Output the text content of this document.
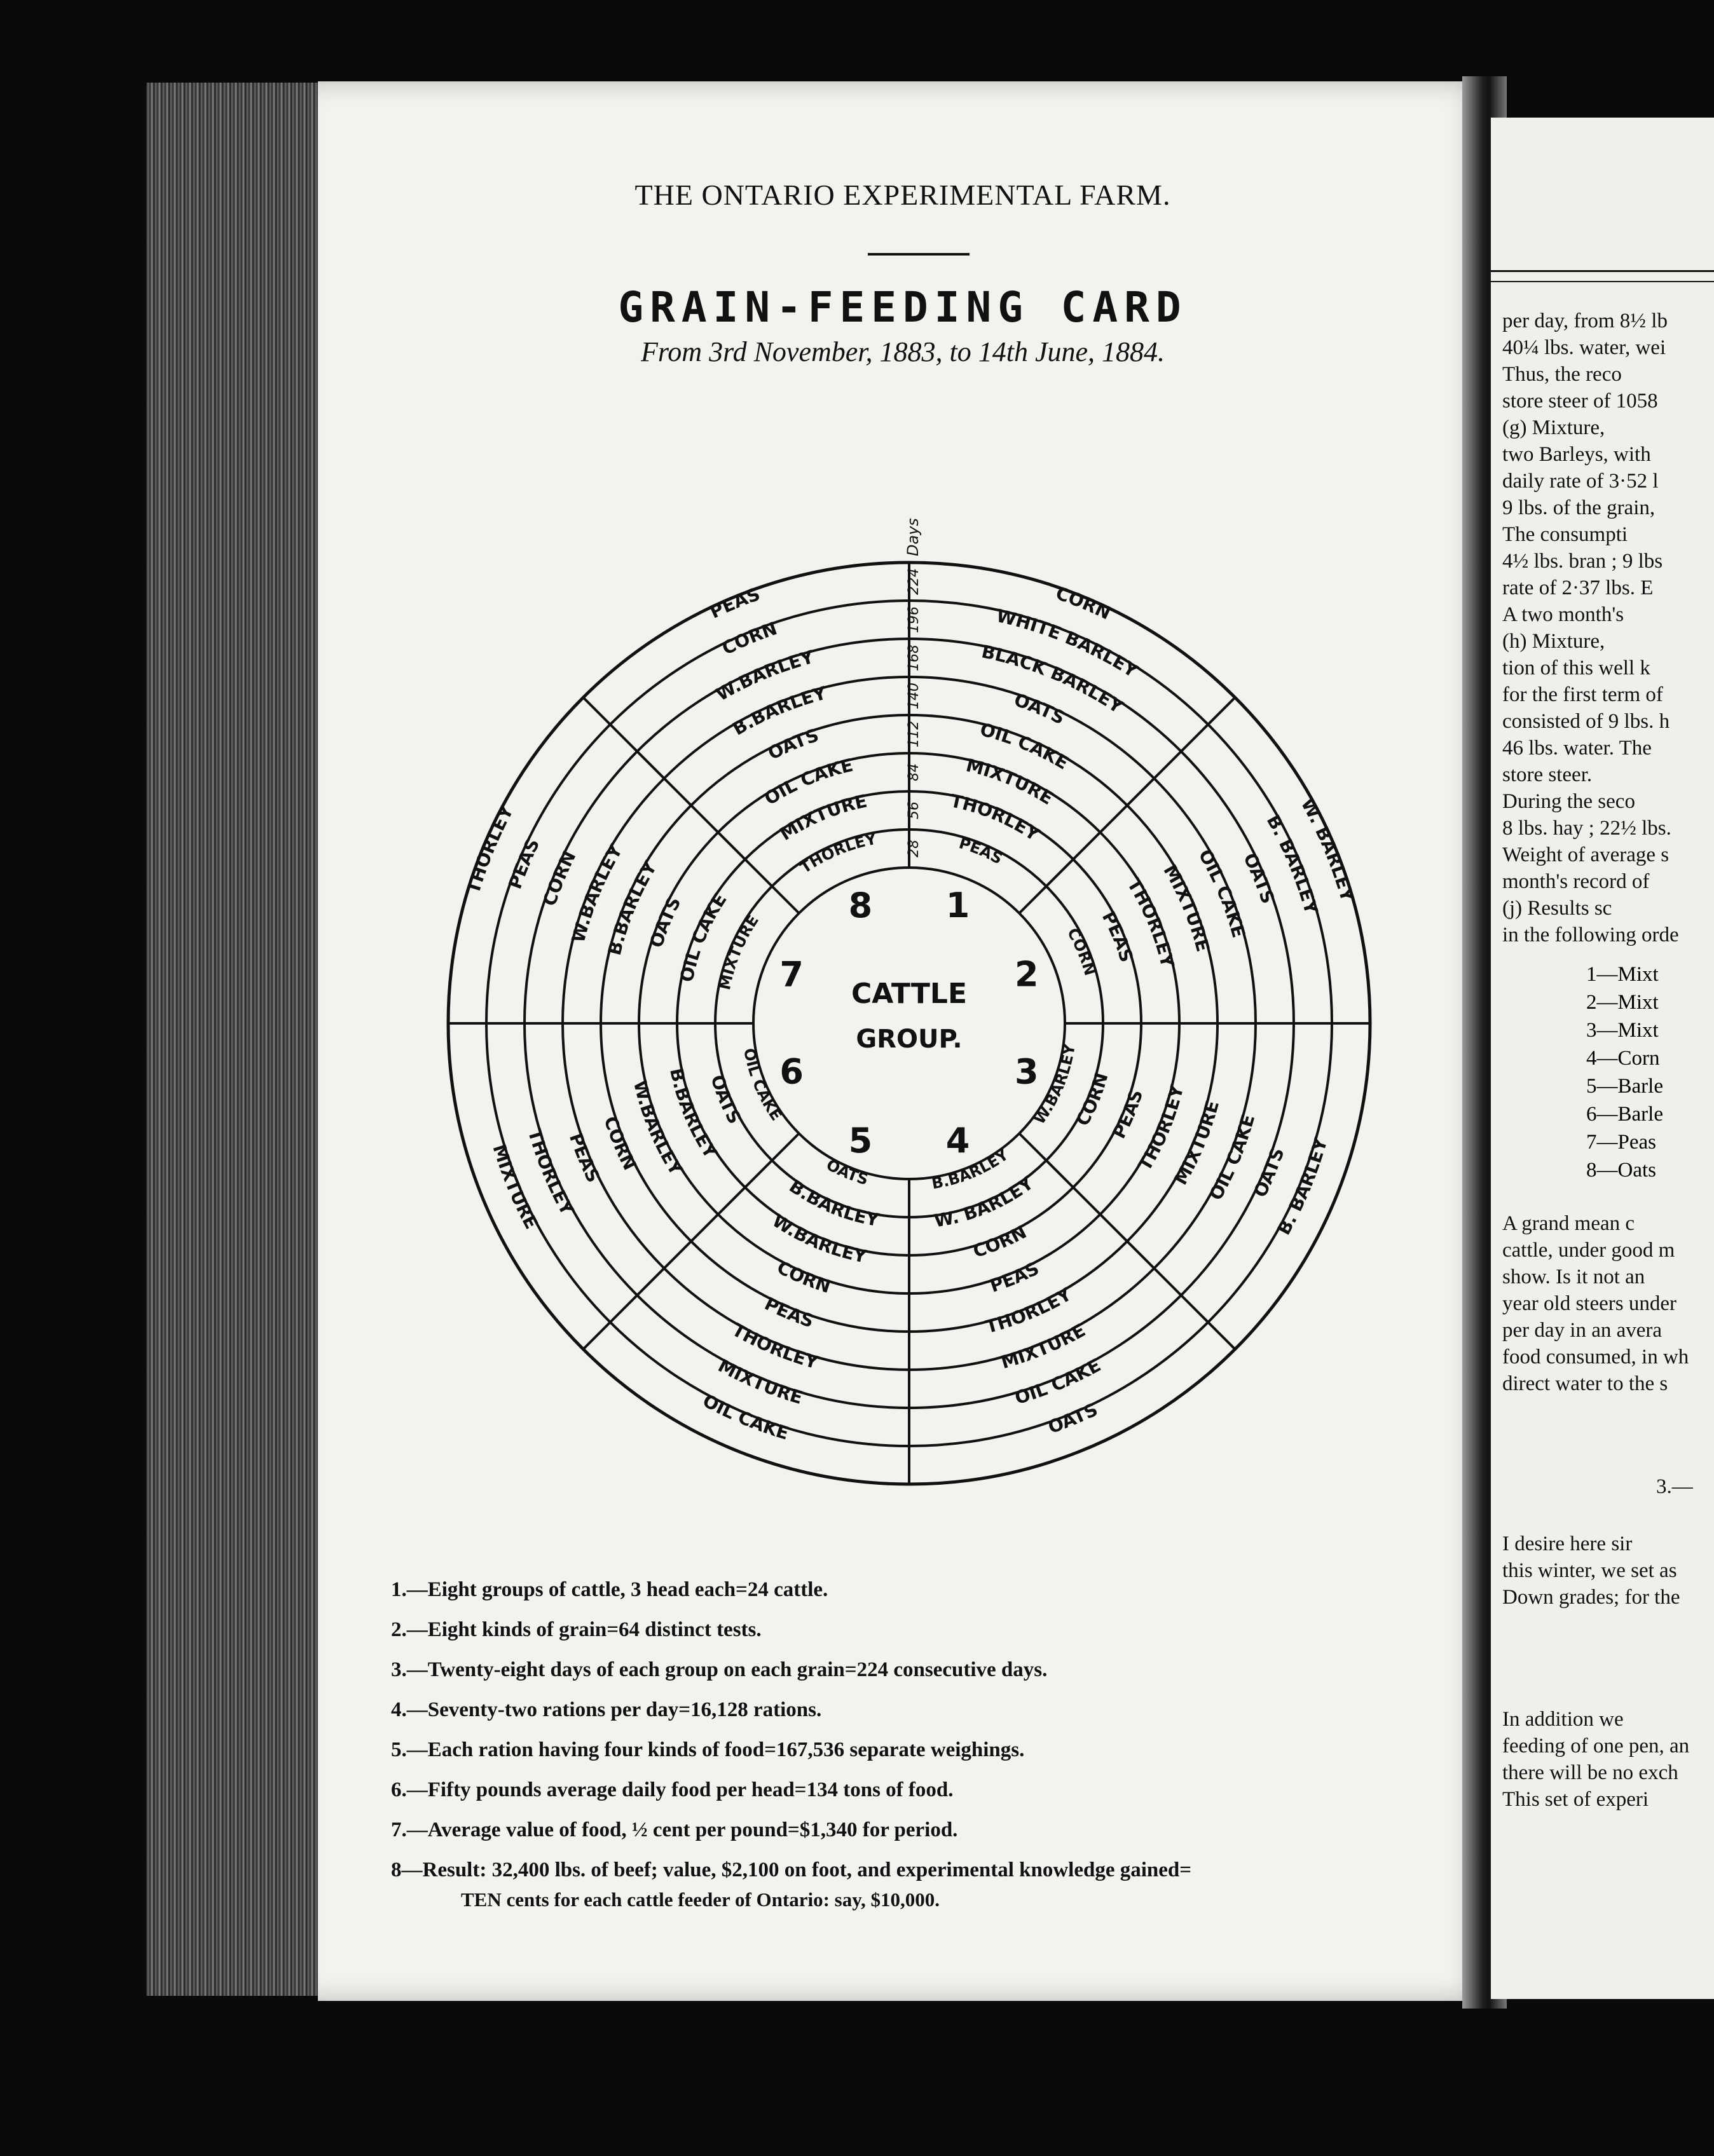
THE ONTARIO EXPERIMENTAL FARM.
GRAIN-FEEDING CARD
From 3rd November, 1883, to 14th June, 1884.
PEAS
THORLEY
MIXTURE
OIL CAKE
OATS
BLACK BARLEY
WHITE BARLEY
CORN
CORN
PEAS
THORLEY
MIXTURE
OIL CAKE
OATS
B. BARLEY
W. BARLEY
W.BARLEY
CORN
PEAS
THORLEY
MIXTURE
OIL CAKE
OATS
B. BARLEY
B.BARLEY
W. BARLEY
CORN
PEAS
THORLEY
MIXTURE
OIL CAKE
OATS
OATS
B.BARLEY
W.BARLEY
CORN
PEAS
THORLEY
MIXTURE
OIL CAKE
OIL CAKE
OATS
B.BARLEY
W.BARLEY
CORN
PEAS
THORLEY
MIXTURE
MIXTURE
OIL CAKE
OATS
B.BARLEY
W.BARLEY
CORN
PEAS
THORLEY
THORLEY
MIXTURE
OIL CAKE
OATS
B.BARLEY
W.BARLEY
CORN
PEAS
1
2
3
4
5
6
7
8
28
56
84
112
140
168
196
224
Days
CATTLE
GROUP.
1.—Eight groups of cattle, 3 head each=24 cattle.
2.—Eight kinds of grain=64 distinct tests.
3.—Twenty-eight days of each group on each grain=224 consecutive days.
4.—Seventy-two rations per day=16,128 rations.
5.—Each ration having four kinds of food=167,536 separate weighings.
6.—Fifty pounds average daily food per head=134 tons of food.
7.—Average value of food, ½ cent per pound=$1,340 for period.
8—Result: 32,400 lbs. of beef; value, $2,100 on foot, and experimental knowledge gained=
TEN cents for each cattle feeder of Ontario: say, $10,000.
per day, from 8½ lb
40¼ lbs. water, wei
Thus, the reco
store steer of 1058
(g) Mixture,
two Barleys, with
daily rate of 3·52 l
9 lbs. of the grain,
The consumpti
4½ lbs. bran ; 9 lbs
rate of 2·37 lbs. E
A two month's
(h) Mixture,
tion of this well k
for the first term of
consisted of 9 lbs. h
46 lbs. water. The
store steer.
During the seco
8 lbs. hay ; 22½ lbs.
Weight of average s
month's record of
(j) Results sc
in the following orde
1—Mixt
2—Mixt
3—Mixt
4—Corn
5—Barle
6—Barle
7—Peas
8—Oats
A grand mean c
cattle, under good m
show. Is it not an
year old steers under
per day in an avera
food consumed, in wh
direct water to the s
3.—
I desire here sir
this winter, we set as
Down grades; for the
In addition we
feeding of one pen, an
there will be no exch
This set of experi
